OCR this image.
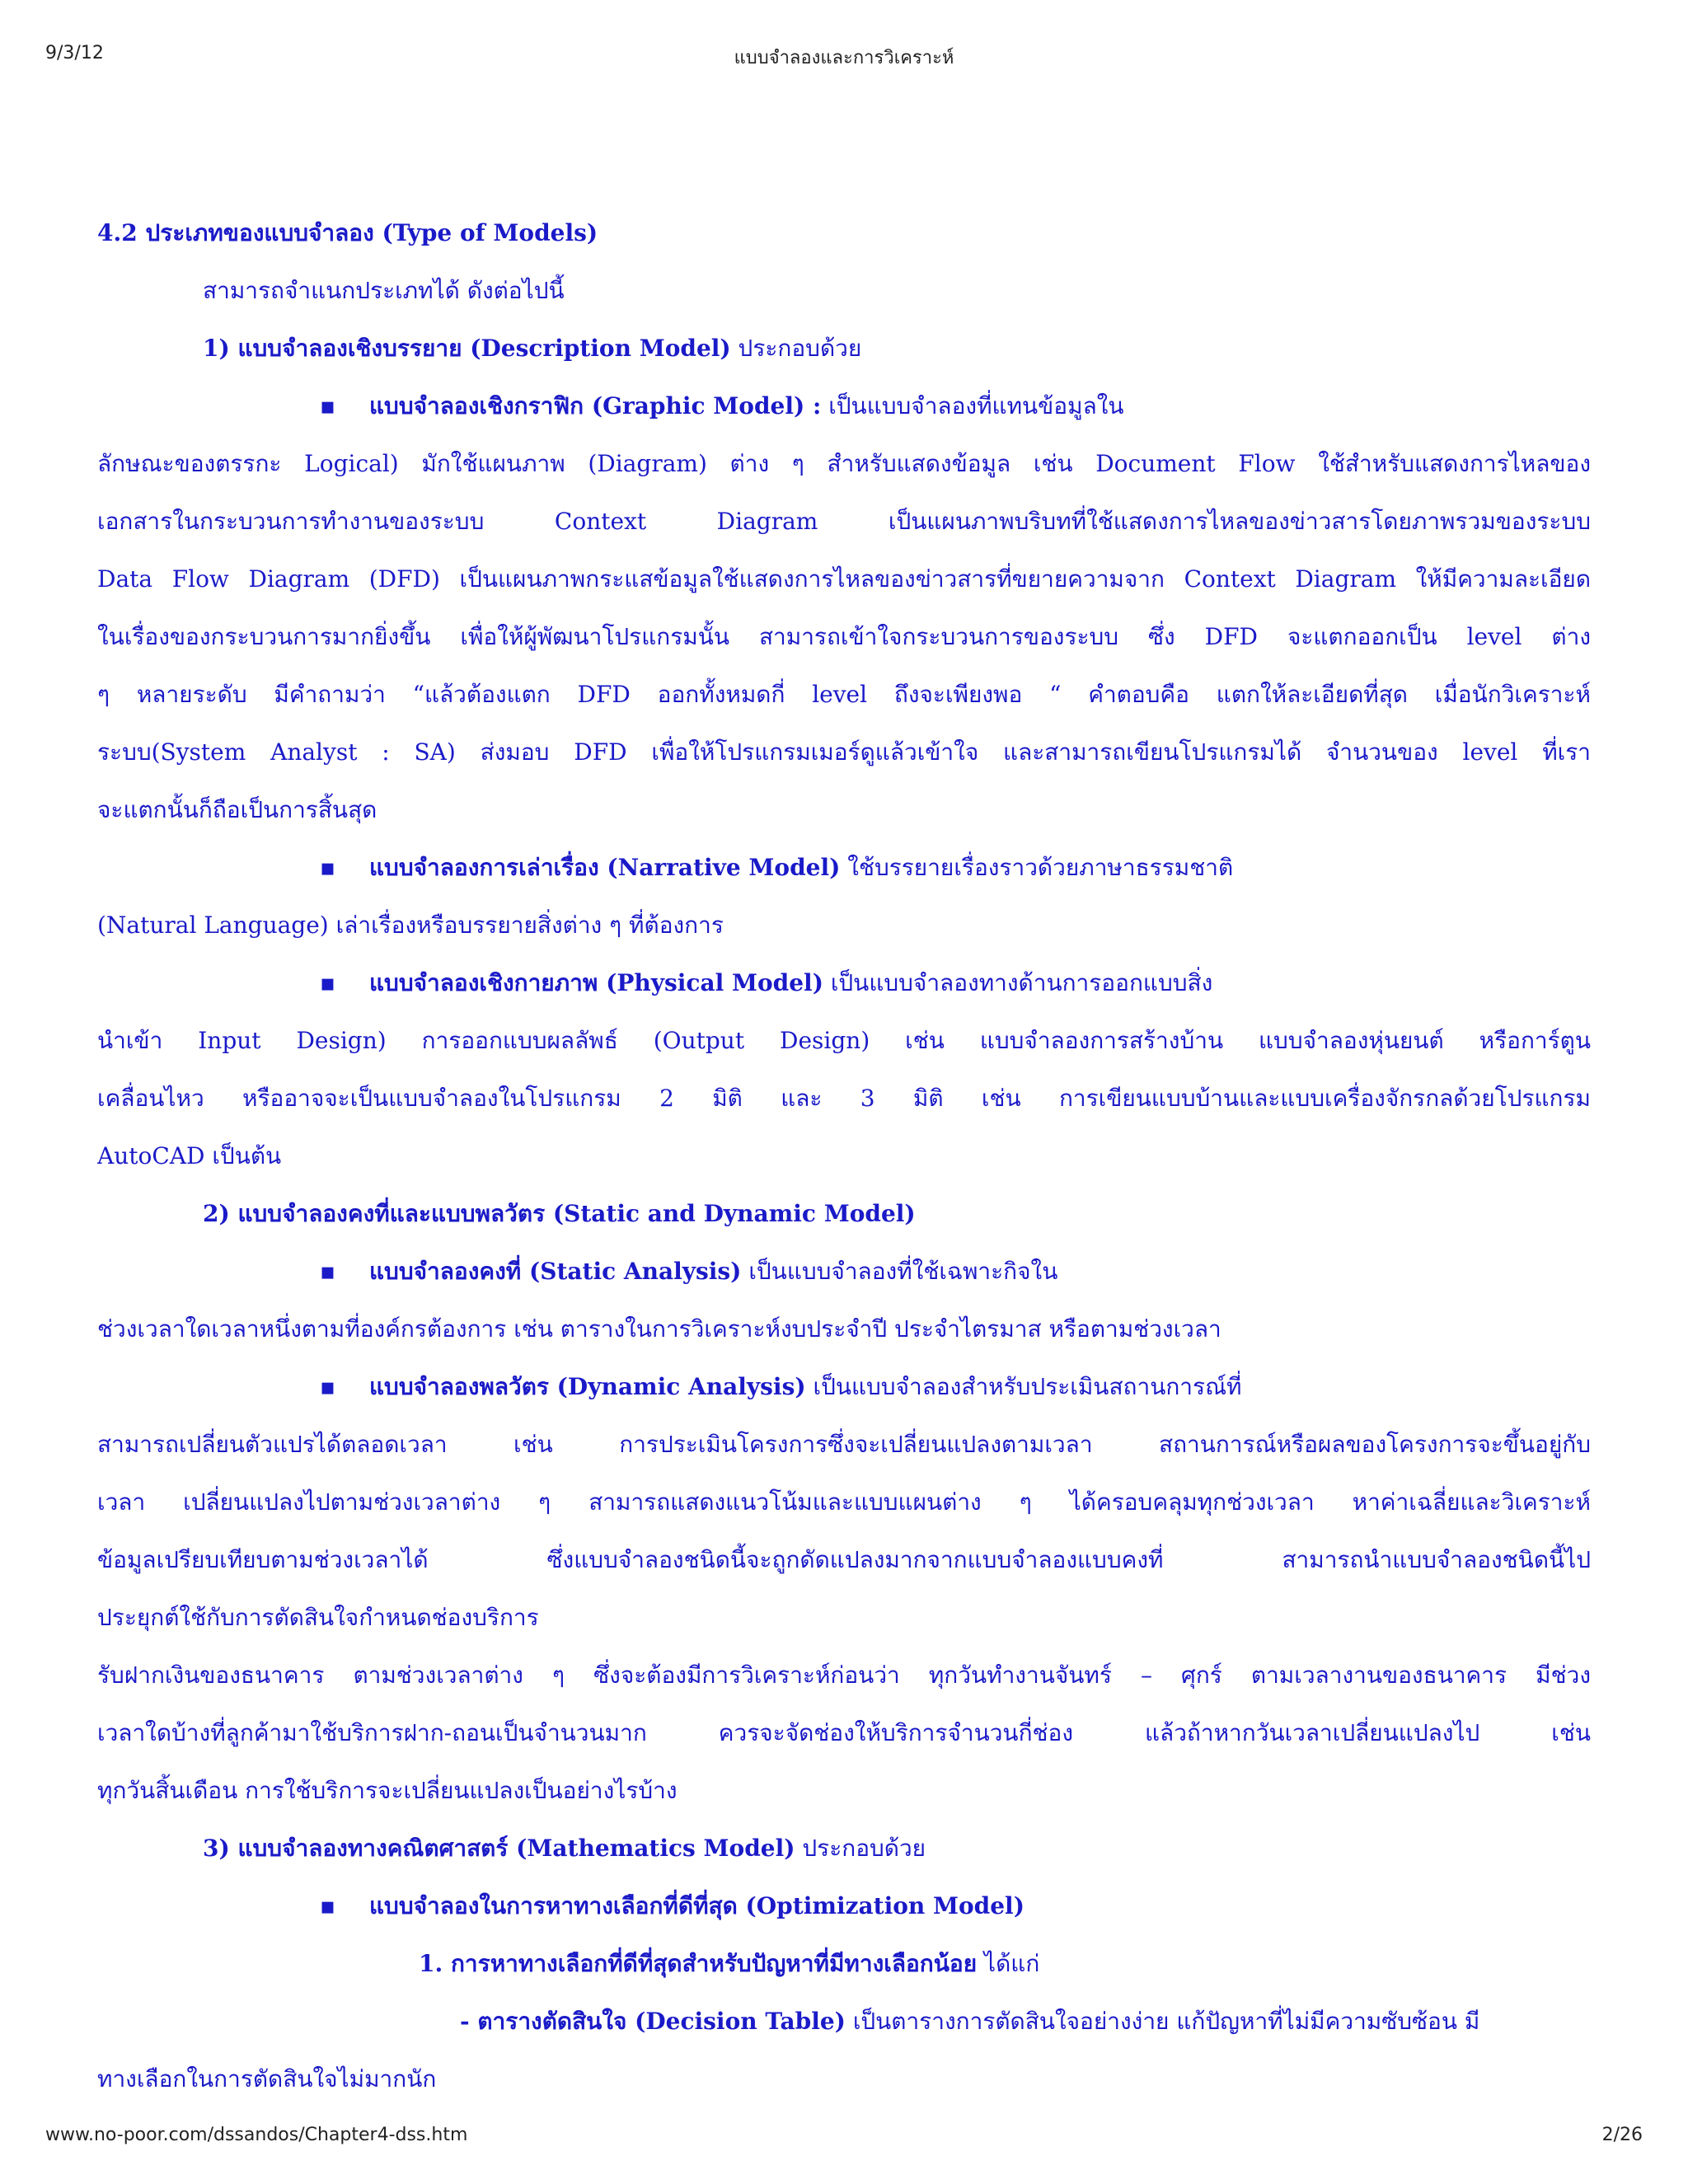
9/3/12	แบบจำลองและการวิเคราะห์
4.2 ประเภทของแบบจำลอง (Type of Models)
สามารถจำแนกประเภทได้ ดังต่อไปนี้
1) แบบจำลองเชิงบรรยาย (Description Model) ประกอบด้วย
▪ แบบจำลองเชิงกราฟิก (Graphic Model) : เป็นแบบจำลองที่แทนข้อมูลใน
ลักษณะของตรรกะ Logical) มักใช้แผนภาพ (Diagram) ต่าง ๆ สำหรับแสดงข้อมูล เช่น Document Flow ใช้สำหรับแสดงการไหลของ
เอกสารในกระบวนการทำงานของระบบ Context Diagram เป็นแผนภาพบริบทที่ใช้แสดงการไหลของข่าวสารโดยภาพรวมของระบบ
Data Flow Diagram (DFD) เป็นแผนภาพกระแสข้อมูลใช้แสดงการไหลของข่าวสารที่ขยายความจาก Context Diagram ให้มีความละเอียด
ในเรื่องของกระบวนการมากยิ่งขึ้น เพื่อให้ผู้พัฒนาโปรแกรมนั้น สามารถเข้าใจกระบวนการของระบบ ซึ่ง DFD จะแตกออกเป็น level ต่าง
ๆ หลายระดับ มีคำถามว่า “แล้วต้องแตก DFD ออกทั้งหมดกี่ level ถึงจะเพียงพอ “ คำตอบคือ แตกให้ละเอียดที่สุด เมื่อนักวิเคราะห์
ระบบ(System Analyst : SA) ส่งมอบ DFD เพื่อให้โปรแกรมเมอร์ดูแล้วเข้าใจ และสามารถเขียนโปรแกรมได้ จำนวนของ level ที่เรา
จะแตกนั้นก็ถือเป็นการสิ้นสุด
▪ แบบจำลองการเล่าเรื่อง (Narrative Model) ใช้บรรยายเรื่องราวด้วยภาษาธรรมชาติ
(Natural Language) เล่าเรื่องหรือบรรยายสิ่งต่าง ๆ ที่ต้องการ
▪ แบบจำลองเชิงกายภาพ (Physical Model) เป็นแบบจำลองทางด้านการออกแบบสิ่ง
นำเข้า Input Design) การออกแบบผลลัพธ์ (Output Design) เช่น แบบจำลองการสร้างบ้าน แบบจำลองหุ่นยนต์ หรือการ์ตูน
เคลื่อนไหว หรืออาจจะเป็นแบบจำลองในโปรแกรม 2 มิติ และ 3 มิติ เช่น การเขียนแบบบ้านและแบบเครื่องจักรกลด้วยโปรแกรม
AutoCAD เป็นต้น
2) แบบจำลองคงที่และแบบพลวัตร (Static and Dynamic Model)
▪ แบบจำลองคงที่ (Static Analysis) เป็นแบบจำลองที่ใช้เฉพาะกิจใน
ช่วงเวลาใดเวลาหนึ่งตามที่องค์กรต้องการ เช่น ตารางในการวิเคราะห์งบประจำปี ประจำไตรมาส หรือตามช่วงเวลา
▪ แบบจำลองพลวัตร (Dynamic Analysis) เป็นแบบจำลองสำหรับประเมินสถานการณ์ที่
สามารถเปลี่ยนตัวแปรได้ตลอดเวลา เช่น การประเมินโครงการซึ่งจะเปลี่ยนแปลงตามเวลา สถานการณ์หรือผลของโครงการจะขึ้นอยู่กับ
เวลา เปลี่ยนแปลงไปตามช่วงเวลาต่าง ๆ สามารถแสดงแนวโน้มและแบบแผนต่าง ๆ ได้ครอบคลุมทุกช่วงเวลา หาค่าเฉลี่ยและวิเคราะห์
ข้อมูลเปรียบเทียบตามช่วงเวลาได้ ซึ่งแบบจำลองชนิดนี้จะถูกดัดแปลงมากจากแบบจำลองแบบคงที่ สามารถนำแบบจำลองชนิดนี้ไป
ประยุกต์ใช้กับการตัดสินใจกำหนดช่องบริการ
รับฝากเงินของธนาคาร ตามช่วงเวลาต่าง ๆ ซึ่งจะต้องมีการวิเคราะห์ก่อนว่า ทุกวันทำงานจันทร์ – ศุกร์ ตามเวลางานของธนาคาร มีช่วง
เวลาใดบ้างที่ลูกค้ามาใช้บริการฝาก-ถอนเป็นจำนวนมาก ควรจะจัดช่องให้บริการจำนวนกี่ช่อง แล้วถ้าหากวันเวลาเปลี่ยนแปลงไป เช่น
ทุกวันสิ้นเดือน การใช้บริการจะเปลี่ยนแปลงเป็นอย่างไรบ้าง
3) แบบจำลองทางคณิตศาสตร์ (Mathematics Model) ประกอบด้วย
▪ แบบจำลองในการหาทางเลือกที่ดีที่สุด (Optimization Model)
1. การหาทางเลือกที่ดีที่สุดสำหรับปัญหาที่มีทางเลือกน้อย ได้แก่
- ตารางตัดสินใจ (Decision Table) เป็นตารางการตัดสินใจอย่างง่าย แก้ปัญหาที่ไม่มีความซับซ้อน มี
ทางเลือกในการตัดสินใจไม่มากนัก
www.no-poor.com/dssandos/Chapter4-dss.htm	2/26
